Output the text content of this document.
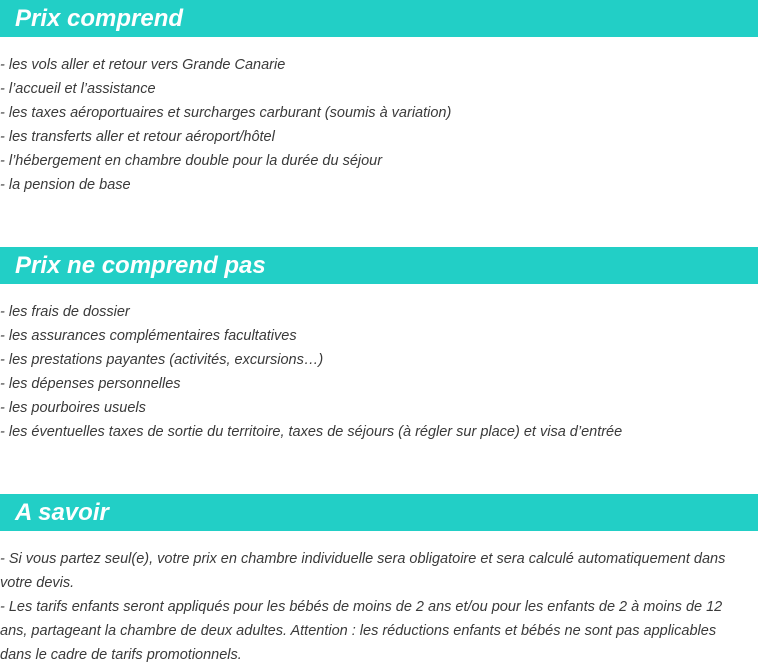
Prix comprend
- les vols aller et retour vers Grande Canarie
- l’accueil et l’assistance
- les taxes aéroportuaires et surcharges carburant (soumis à variation)
- les transferts aller et retour aéroport/hôtel
- l’hébergement en chambre double pour la durée du séjour
- la pension de base
Prix ne comprend pas
- les frais de dossier
- les assurances complémentaires facultatives
- les prestations payantes (activités, excursions…)
- les dépenses personnelles
- les pourboires usuels
- les éventuelles taxes de sortie du territoire, taxes de séjours (à régler sur place) et visa d’entrée
A savoir
- Si vous partez seul(e), votre prix en chambre individuelle sera obligatoire et sera calculé automatiquement dans votre devis.
- Les tarifs enfants seront appliqués pour les bébés de moins de 2 ans et/ou pour les enfants de 2 à moins de 12 ans, partageant la chambre de deux adultes. Attention : les réductions enfants et bébés ne sont pas applicables dans le cadre de tarifs promotionnels.
